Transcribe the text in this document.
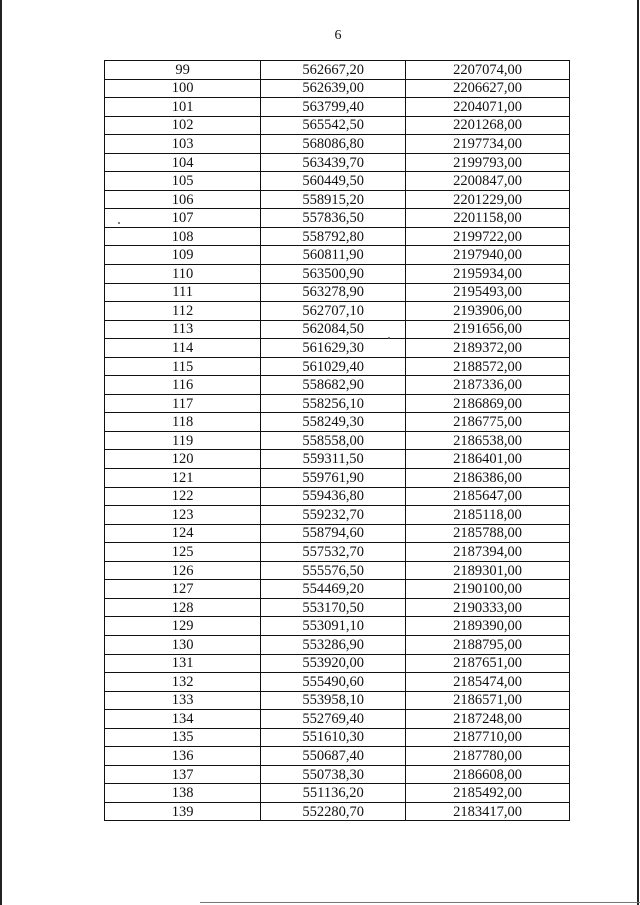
6
99	562667,20	2207074,00
100	562639,00	2206627,00
101	563799,40	2204071,00
102	565542,50	2201268,00
103	568086,80	2197734,00
104	563439,70	2199793,00
105	560449,50	2200847,00
106	558915,20	2201229,00
107	557836,50	2201158,00
108	558792,80	2199722,00
109	560811,90	2197940,00
110	563500,90	2195934,00
111	563278,90	2195493,00
112	562707,10	2193906,00
113	562084,50	2191656,00
114	561629,30	2189372,00
115	561029,40	2188572,00
116	558682,90	2187336,00
117	558256,10	2186869,00
118	558249,30	2186775,00
119	558558,00	2186538,00
120	559311,50	2186401,00
121	559761,90	2186386,00
122	559436,80	2185647,00
123	559232,70	2185118,00
124	558794,60	2185788,00
125	557532,70	2187394,00
126	555576,50	2189301,00
127	554469,20	2190100,00
128	553170,50	2190333,00
129	553091,10	2189390,00
130	553286,90	2188795,00
131	553920,00	2187651,00
132	555490,60	2185474,00
133	553958,10	2186571,00
134	552769,40	2187248,00
135	551610,30	2187710,00
136	550687,40	2187780,00
137	550738,30	2186608,00
138	551136,20	2185492,00
139	552280,70	2183417,00
